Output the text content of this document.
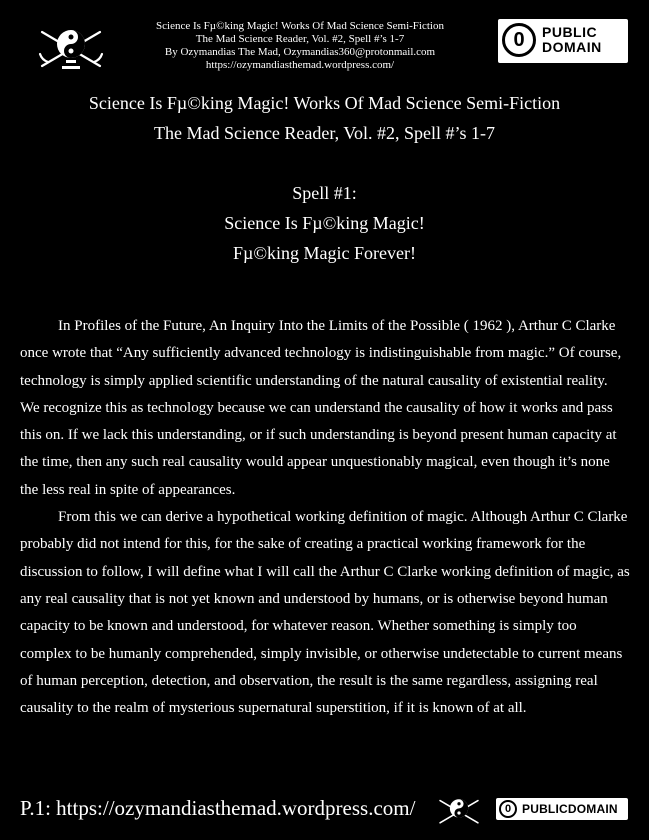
Science Is Fµ©king Magic! Works Of Mad Science Semi-Fiction
The Mad Science Reader, Vol. #2, Spell #’s 1-7
By Ozymandias The Mad, Ozymandias360@protonmail.com
https://ozymandiasthemad.wordpress.com/
0	PUBLIC
DOMAIN
Science Is Fµ©king Magic! Works Of Mad Science Semi-Fiction
The Mad Science Reader, Vol. #2, Spell #’s 1-7
Spell #1:
Science Is Fµ©king Magic!
Fµ©king Magic Forever!

In Profiles of the Future, An Inquiry Into the Limits of the Possible ( 1962 ), Arthur C Clarke once wrote that “Any sufficiently advanced technology is indistinguishable from magic.” Of course, technology is simply applied scientific understanding of the natural causality of existential reality. We recognize this as technology because we can understand the causality of how it works and pass this on. If we lack this understanding, or if such understanding is beyond present human capacity at the time, then any such real causality would appear unquestionably magical, even though it’s none the less real in spite of appearances.

From this we can derive a hypothetical working definition of magic. Although Arthur C Clarke probably did not intend for this, for the sake of creating a practical working framework for the discussion to follow, I will define what I will call the Arthur C Clarke working definition of magic, as any real causality that is not yet known and understood by humans, or is otherwise beyond human capacity to be known and understood, for whatever reason. Whether something is simply too complex to be humanly comprehended, simply invisible, or otherwise undetectable to current means of human perception, detection, and observation, the result is the same regardless, assigning real causality to the realm of mysterious supernatural superstition, if it is known of at all.

P.1: https://ozymandiasthemad.wordpress.com/	0 PUBLICDOMAIN
